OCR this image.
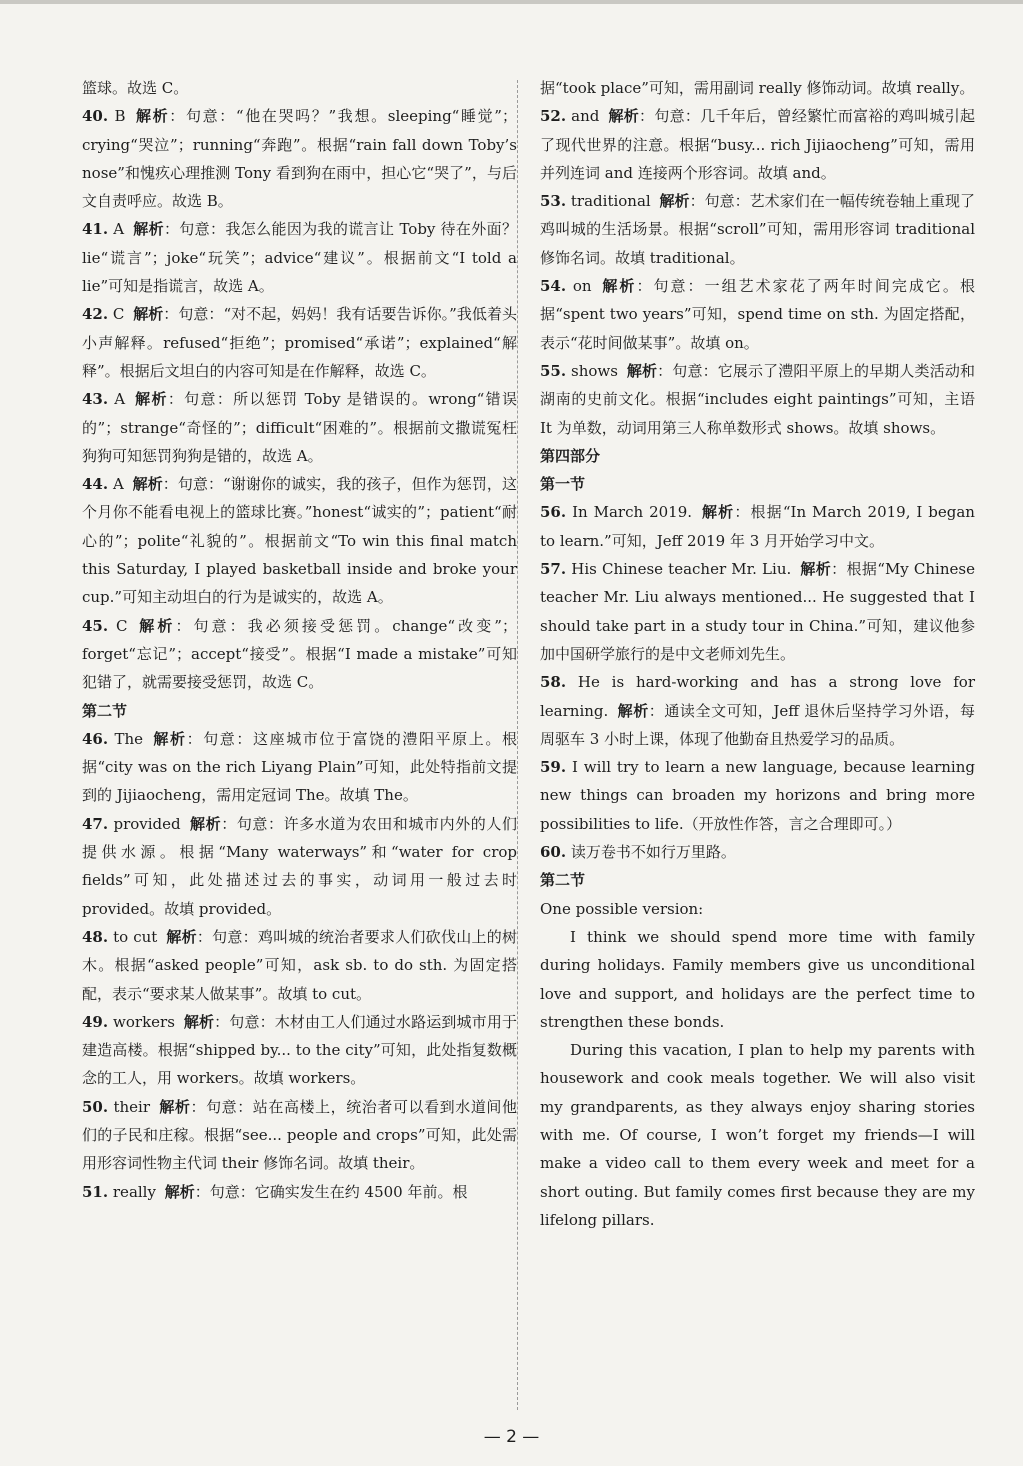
篮球。故选 C。

40. B 解析：句意：“他在哭吗？”我想。sleeping“睡觉”；crying“哭泣”；running“奔跑”。根据“rain fall down Toby’s nose”和愧疚心理推测 Tony 看到狗在雨中，担心它“哭了”，与后文自责呼应。故选 B。

41. A 解析：句意：我怎么能因为我的谎言让 Toby 待在外面？lie“谎言”；joke“玩笑”；advice“建议”。根据前文“I told a lie”可知是指谎言，故选 A。

42. C 解析：句意：“对不起，妈妈！我有话要告诉你。”我低着头小声解释。refused“拒绝”；promised“承诺”；explained“解释”。根据后文坦白的内容可知是在作解释，故选 C。

43. A 解析：句意：所以惩罚 Toby 是错误的。wrong“错误的”；strange“奇怪的”；difficult“困难的”。根据前文撒谎冤枉狗狗可知惩罚狗狗是错的，故选 A。

44. A 解析：句意：“谢谢你的诚实，我的孩子，但作为惩罚，这个月你不能看电视上的篮球比赛。”honest“诚实的”；patient“耐心的”；polite“礼貌的”。根据前文“To win this final match this Saturday, I played basketball inside and broke your cup.”可知主动坦白的行为是诚实的，故选 A。

45. C 解析：句意：我必须接受惩罚。change“改变”；forget“忘记”；accept“接受”。根据“I made a mistake”可知犯错了，就需要接受惩罚，故选 C。

第二节

46. The 解析：句意：这座城市位于富饶的澧阳平原上。根据“city was on the rich Liyang Plain”可知，此处特指前文提到的 Jijiaocheng，需用定冠词 The。故填 The。

47. provided 解析：句意：许多水道为农田和城市内外的人们提供水源。根据“Many waterways”和“water for crop fields”可知，此处描述过去的事实，动词用一般过去时 provided。故填 provided。

48. to cut 解析：句意：鸡叫城的统治者要求人们砍伐山上的树木。根据“asked people”可知，ask sb. to do sth. 为固定搭配，表示“要求某人做某事”。故填 to cut。

49. workers 解析：句意：木材由工人们通过水路运到城市用于建造高楼。根据“shipped by... to the city”可知，此处指复数概念的工人，用 workers。故填 workers。

50. their 解析：句意：站在高楼上，统治者可以看到水道间他们的子民和庄稼。根据“see... people and crops”可知，此处需用形容词性物主代词 their 修饰名词。故填 their。

51. really 解析：句意：它确实发生在约 4500 年前。根

据“took place”可知，需用副词 really 修饰动词。故填 really。

52. and 解析：句意：几千年后，曾经繁忙而富裕的鸡叫城引起了现代世界的注意。根据“busy... rich Jijiaocheng”可知，需用并列连词 and 连接两个形容词。故填 and。

53. traditional 解析：句意：艺术家们在一幅传统卷轴上重现了鸡叫城的生活场景。根据“scroll”可知，需用形容词 traditional 修饰名词。故填 traditional。

54. on 解析：句意：一组艺术家花了两年时间完成它。根据“spent two years”可知，spend time on sth. 为固定搭配，表示“花时间做某事”。故填 on。

55. shows 解析：句意：它展示了澧阳平原上的早期人类活动和湖南的史前文化。根据“includes eight paintings”可知，主语 It 为单数，动词用第三人称单数形式 shows。故填 shows。

第四部分

第一节

56. In March 2019. 解析：根据“In March 2019, I began to learn.”可知，Jeff 2019 年 3 月开始学习中文。

57. His Chinese teacher Mr. Liu. 解析：根据“My Chinese teacher Mr. Liu always mentioned... He suggested that I should take part in a study tour in China.”可知，建议他参加中国研学旅行的是中文老师刘先生。

58. He is hard-working and has a strong love for learning. 解析：通读全文可知，Jeff 退休后坚持学习外语，每周驱车 3 小时上课，体现了他勤奋且热爱学习的品质。

59. I will try to learn a new language, because learning new things can broaden my horizons and bring more possibilities to life.（开放性作答，言之合理即可。）

60. 读万卷书不如行万里路。

第二节

One possible version:

I think we should spend more time with family during holidays. Family members give us unconditional love and support, and holidays are the perfect time to strengthen these bonds.

During this vacation, I plan to help my parents with housework and cook meals together. We will also visit my grandparents, as they always enjoy sharing stories with me. Of course, I won’t forget my friends—I will make a video call to them every week and meet for a short outing. But family comes first because they are my lifelong pillars.

— 2 —
